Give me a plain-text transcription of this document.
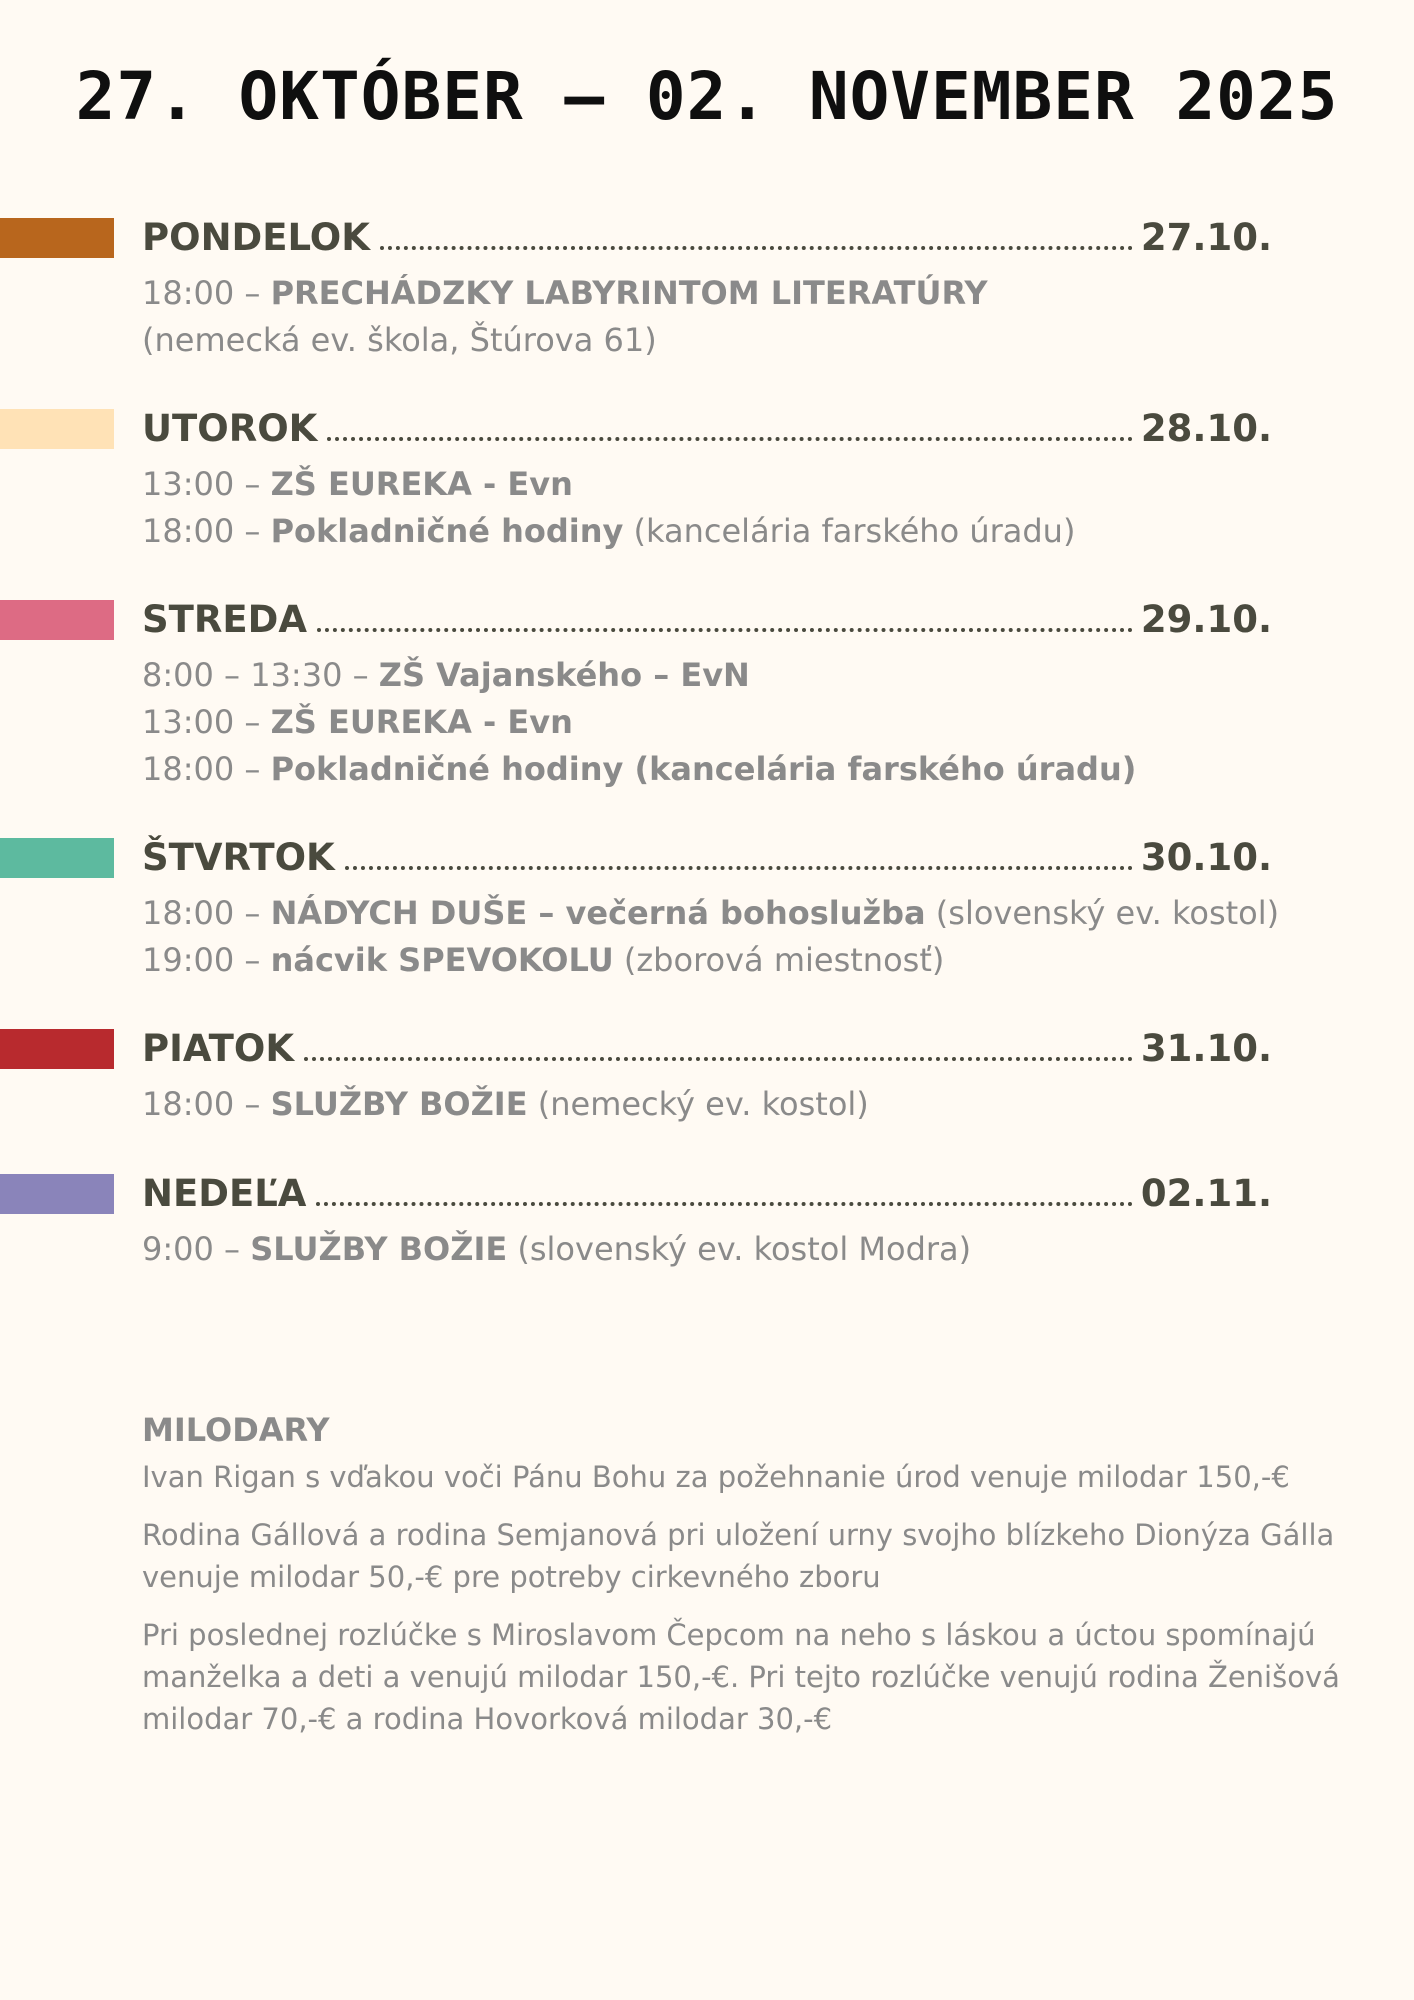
27. OKTÓBER – 02. NOVEMBER 2025
PONDELOK	27.10.
18:00 – PRECHÁDZKY LABYRINTOM LITERATÚRY
(nemecká ev. škola, Štúrova 61)
UTOROK	28.10.
13:00 – ZŠ EUREKA - Evn
18:00 – Pokladničné hodiny (kancelária farského úradu)
STREDA	29.10.
8:00 – 13:30 – ZŠ Vajanského – EvN
13:00 – ZŠ EUREKA - Evn
18:00 – Pokladničné hodiny (kancelária farského úradu)
ŠTVRTOK	30.10.
18:00 – NÁDYCH DUŠE – večerná bohoslužba (slovenský ev. kostol)
19:00 – nácvik SPEVOKOLU (zborová miestnosť)
PIATOK	31.10.
18:00 – SLUŽBY BOŽIE (nemecký ev. kostol)
NEDEĽA	02.11.
9:00 – SLUŽBY BOŽIE (slovenský ev. kostol Modra)
MILODARY
Ivan Rigan s vďakou voči Pánu Bohu za požehnanie úrod venuje milodar 150,-€
Rodina Gállová a rodina Semjanová pri uložení urny svojho blízkeho Dionýza Gálla venuje milodar 50,-€ pre potreby cirkevného zboru
Pri poslednej rozlúčke s Miroslavom Čepcom na neho s láskou a úctou spomínajú manželka a deti a venujú milodar 150,-€. Pri tejto rozlúčke venujú rodina Ženišová milodar 70,-€ a rodina Hovorková milodar 30,-€
